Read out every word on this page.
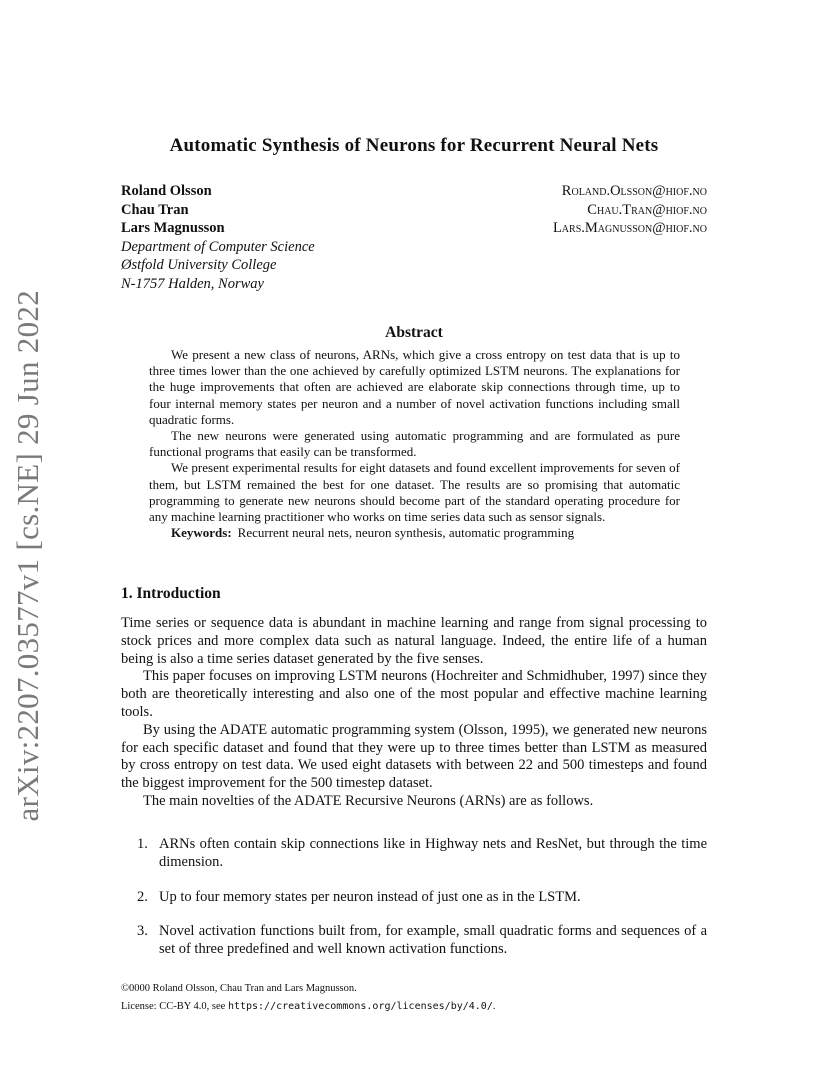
arXiv:2207.03577v1 [cs.NE] 29 Jun 2022
Automatic Synthesis of Neurons for Recurrent Neural Nets
Roland Olsson	Roland.Olsson@hiof.no
Chau Tran	Chau.Tran@hiof.no
Lars Magnusson	Lars.Magnusson@hiof.no
Department of Computer Science
Østfold University College
N-1757 Halden, Norway
Abstract

We present a new class of neurons, ARNs, which give a cross entropy on test data that is up to three times lower than the one achieved by carefully optimized LSTM neurons. The explanations for the huge improvements that often are achieved are elaborate skip connections through time, up to four internal memory states per neuron and a number of novel activation functions including small quadratic forms.

The new neurons were generated using automatic programming and are formulated as pure functional programs that easily can be transformed.

We present experimental results for eight datasets and found excellent improvements for seven of them, but LSTM remained the best for one dataset. The results are so promising that automatic programming to generate new neurons should become part of the standard operating procedure for any machine learning practitioner who works on time series data such as sensor signals.

Keywords: Recurrent neural nets, neuron synthesis, automatic programming

1. Introduction

Time series or sequence data is abundant in machine learning and range from signal processing to stock prices and more complex data such as natural language. Indeed, the entire life of a human being is also a time series dataset generated by the five senses.

This paper focuses on improving LSTM neurons (Hochreiter and Schmidhuber, 1997) since they both are theoretically interesting and also one of the most popular and effective machine learning tools.

By using the ADATE automatic programming system (Olsson, 1995), we generated new neurons for each specific dataset and found that they were up to three times better than LSTM as measured by cross entropy on test data. We used eight datasets with between 22 and 500 timesteps and found the biggest improvement for the 500 timestep dataset.

The main novelties of the ADATE Recursive Neurons (ARNs) are as follows.

1. ARNs often contain skip connections like in Highway nets and ResNet, but through the time dimension.
2. Up to four memory states per neuron instead of just one as in the LSTM.
3. Novel activation functions built from, for example, small quadratic forms and sequences of a set of three predefined and well known activation functions.
©0000 Roland Olsson, Chau Tran and Lars Magnusson.
License: CC-BY 4.0, see https://creativecommons.org/licenses/by/4.0/.
